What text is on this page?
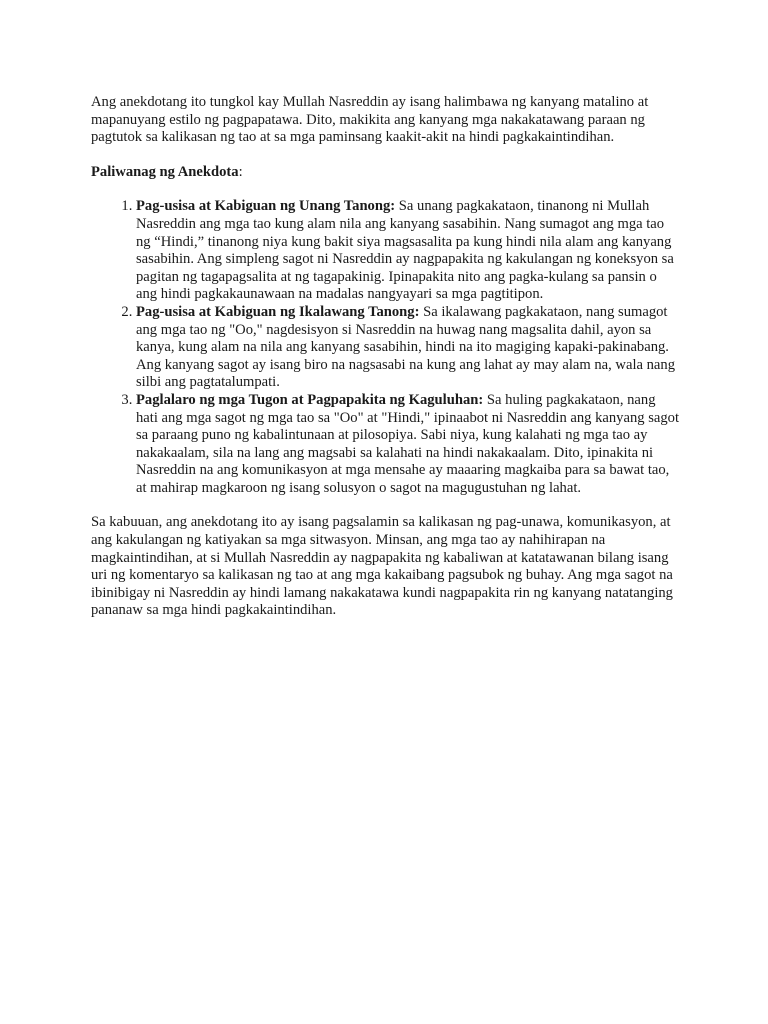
Ang anekdotang ito tungkol kay Mullah Nasreddin ay isang halimbawa ng kanyang matalino at mapanuyang estilo ng pagpapatawa. Dito, makikita ang kanyang mga nakakatawang paraan ng pagtutok sa kalikasan ng tao at sa mga paminsang kaakit-akit na hindi pagkakaintindihan.

Paliwanag ng Anekdota:

1. Pag-usisa at Kabiguan ng Unang Tanong: Sa unang pagkakataon, tinanong ni Mullah Nasreddin ang mga tao kung alam nila ang kanyang sasabihin. Nang sumagot ang mga tao ng “Hindi,” tinanong niya kung bakit siya magsasalita pa kung hindi nila alam ang kanyang sasabihin. Ang simpleng sagot ni Nasreddin ay nagpapakita ng kakulangan ng koneksyon sa pagitan ng tagapagsalita at ng tagapakinig. Ipinapakita nito ang pagka-kulang sa pansin o ang hindi pagkakaunawaan na madalas nangyayari sa mga pagtitipon.
2. Pag-usisa at Kabiguan ng Ikalawang Tanong: Sa ikalawang pagkakataon, nang sumagot ang mga tao ng "Oo," nagdesisyon si Nasreddin na huwag nang magsalita dahil, ayon sa kanya, kung alam na nila ang kanyang sasabihin, hindi na ito magiging kapaki-pakinabang. Ang kanyang sagot ay isang biro na nagsasabi na kung ang lahat ay may alam na, wala nang silbi ang pagtatalumpati.
3. Paglalaro ng mga Tugon at Pagpapakita ng Kaguluhan: Sa huling pagkakataon, nang hati ang mga sagot ng mga tao sa "Oo" at "Hindi," ipinaabot ni Nasreddin ang kanyang sagot sa paraang puno ng kabalintunaan at pilosopiya. Sabi niya, kung kalahati ng mga tao ay nakakaalam, sila na lang ang magsabi sa kalahati na hindi nakakaalam. Dito, ipinakita ni Nasreddin na ang komunikasyon at mga mensahe ay maaaring magkaiba para sa bawat tao, at mahirap magkaroon ng isang solusyon o sagot na magugustuhan ng lahat.

Sa kabuuan, ang anekdotang ito ay isang pagsalamin sa kalikasan ng pag-unawa, komunikasyon, at ang kakulangan ng katiyakan sa mga sitwasyon. Minsan, ang mga tao ay nahihirapan na magkaintindihan, at si Mullah Nasreddin ay nagpapakita ng kabaliwan at katatawanan bilang isang uri ng komentaryo sa kalikasan ng tao at ang mga kakaibang pagsubok ng buhay. Ang mga sagot na ibinibigay ni Nasreddin ay hindi lamang nakakatawa kundi nagpapakita rin ng kanyang natatanging pananaw sa mga hindi pagkakaintindihan.
